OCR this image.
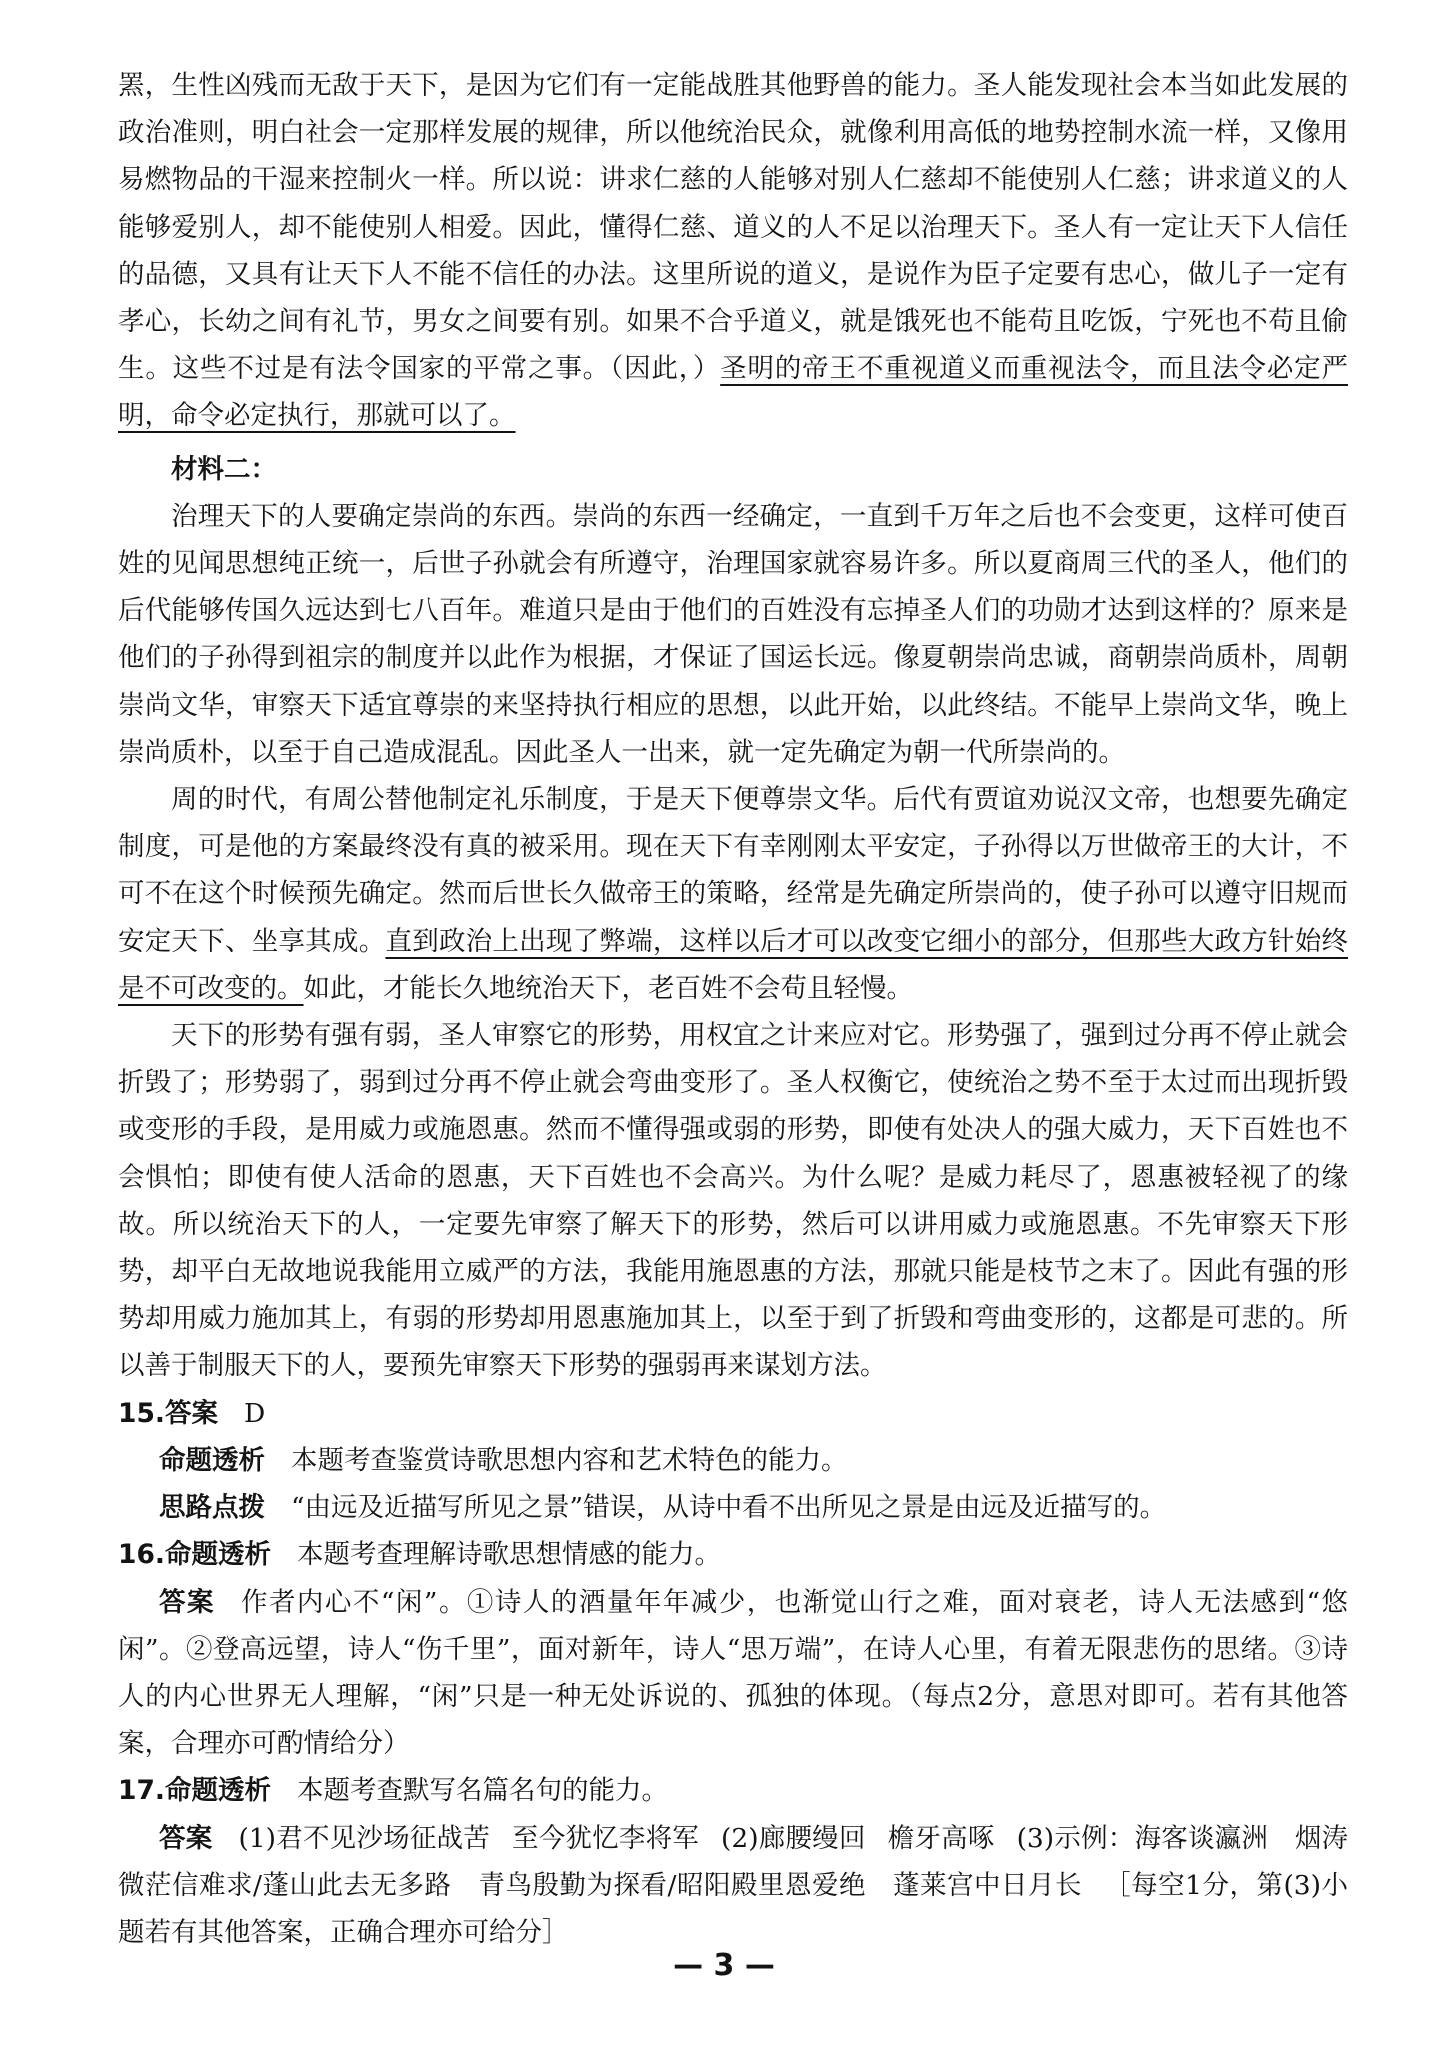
罴，生性凶残而无敌于天下，是因为它们有一定能战胜其他野兽的能力。圣人能发现社会本当如此发展的政治准则，明白社会一定那样发展的规律，所以他统治民众，就像利用高低的地势控制水流一样，又像用易燃物品的干湿来控制火一样。所以说：讲求仁慈的人能够对别人仁慈却不能使别人仁慈；讲求道义的人能够爱别人，却不能使别人相爱。因此，懂得仁慈、道义的人不足以治理天下。圣人有一定让天下人信任的品德，又具有让天下人不能不信任的办法。这里所说的道义，是说作为臣子定要有忠心，做儿子一定有孝心，长幼之间有礼节，男女之间要有别。如果不合乎道义，就是饿死也不能苟且吃饭，宁死也不苟且偷生。这些不过是有法令国家的平常之事。（因此，）圣明的帝王不重视道义而重视法令，而且法令必定严明，命令必定执行，那就可以了。

材料二：

治理天下的人要确定崇尚的东西。崇尚的东西一经确定，一直到千万年之后也不会变更，这样可使百姓的见闻思想纯正统一，后世子孙就会有所遵守，治理国家就容易许多。所以夏商周三代的圣人，他们的后代能够传国久远达到七八百年。难道只是由于他们的百姓没有忘掉圣人们的功勋才达到这样的？原来是他们的子孙得到祖宗的制度并以此作为根据，才保证了国运长远。像夏朝崇尚忠诚，商朝崇尚质朴，周朝崇尚文华，审察天下适宜尊崇的来坚持执行相应的思想，以此开始，以此终结。不能早上崇尚文华，晚上崇尚质朴，以至于自己造成混乱。因此圣人一出来，就一定先确定为朝一代所崇尚的。

周的时代，有周公替他制定礼乐制度，于是天下便尊崇文华。后代有贾谊劝说汉文帝，也想要先确定制度，可是他的方案最终没有真的被采用。现在天下有幸刚刚太平安定，子孙得以万世做帝王的大计，不可不在这个时候预先确定。然而后世长久做帝王的策略，经常是先确定所崇尚的，使子孙可以遵守旧规而安定天下、坐享其成。直到政治上出现了弊端，这样以后才可以改变它细小的部分，但那些大政方针始终是不可改变的。如此，才能长久地统治天下，老百姓不会苟且轻慢。

天下的形势有强有弱，圣人审察它的形势，用权宜之计来应对它。形势强了，强到过分再不停止就会折毁了；形势弱了，弱到过分再不停止就会弯曲变形了。圣人权衡它，使统治之势不至于太过而出现折毁或变形的手段，是用威力或施恩惠。然而不懂得强或弱的形势，即使有处决人的强大威力，天下百姓也不会惧怕；即使有使人活命的恩惠，天下百姓也不会高兴。为什么呢？是威力耗尽了，恩惠被轻视了的缘故。所以统治天下的人，一定要先审察了解天下的形势，然后可以讲用威力或施恩惠。不先审察天下形势，却平白无故地说我能用立威严的方法，我能用施恩惠的方法，那就只能是枝节之末了。因此有强的形势却用威力施加其上，有弱的形势却用恩惠施加其上，以至于到了折毁和弯曲变形的，这都是可悲的。所以善于制服天下的人，要预先审察天下形势的强弱再来谋划方法。

15.答案 D

命题透析 本题考查鉴赏诗歌思想内容和艺术特色的能力。

思路点拨 “由远及近描写所见之景”错误，从诗中看不出所见之景是由远及近描写的。

16.命题透析 本题考查理解诗歌思想情感的能力。

答案 作者内心不“闲”。①诗人的酒量年年减少，也渐觉山行之难，面对衰老，诗人无法感到“悠闲”。②登高远望，诗人“伤千里”，面对新年，诗人“思万端”，在诗人心里，有着无限悲伤的思绪。③诗人的内心世界无人理解，“闲”只是一种无处诉说的、孤独的体现。（每点2分，意思对即可。若有其他答案，合理亦可酌情给分）

17.命题透析 本题考查默写名篇名句的能力。

答案 (1)君不见沙场征战苦 至今犹忆李将军 (2)廊腰缦回 檐牙高啄 (3)示例：海客谈瀛洲　烟涛微茫信难求/蓬山此去无多路　青鸟殷勤为探看/昭阳殿里恩爱绝　蓬莱宫中日月长 ［每空1分，第(3)小题若有其他答案，正确合理亦可给分］

— 3 —
